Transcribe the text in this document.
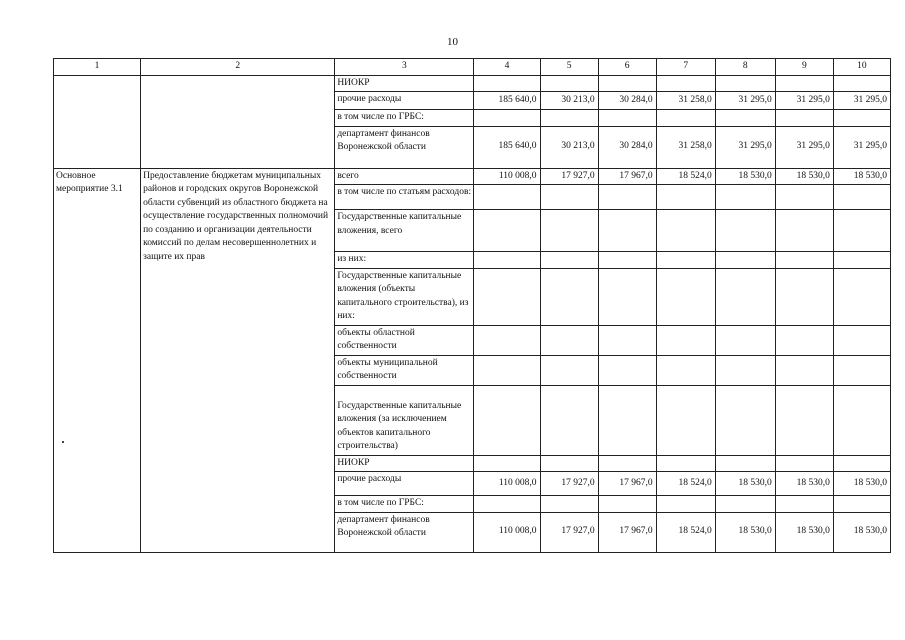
10
1	2	3	4	5	6	7	8	9	10
		НИОКР							
		прочие расходы	185 640,0	30 213,0	30 284,0	31 258,0	31 295,0	31 295,0	31 295,0
		в том числе по ГРБС:							
		департамент финансов Воронежской области	185 640,0	30 213,0	30 284,0	31 258,0	31 295,0	31 295,0	31 295,0
Основное мероприятие 3.1	Предоставление бюджетам муниципальных районов и городских округов Воронежской области субвенций из областного бюджета на осуществление государственных полномочий по созданию и организации деятельности комиссий по делам несовершеннолетних и защите их прав	всего	110 008,0	17 927,0	17 967,0	18 524,0	18 530,0	18 530,0	18 530,0
		в том числе по статьям расходов:							
		Государственные капитальные вложения, всего							
		из них:							
		Государственные капитальные вложения (объекты капитального строительства), из них:							
		объекты областной собственности							
		объекты муниципальной собственности							
		Государственные капитальные вложения (за исключением объектов капитального строительства)							
		НИОКР							
		прочие расходы	110 008,0	17 927,0	17 967,0	18 524,0	18 530,0	18 530,0	18 530,0
		в том числе по ГРБС:							
		департамент финансов Воронежской области	110 008,0	17 927,0	17 967,0	18 524,0	18 530,0	18 530,0	18 530,0
